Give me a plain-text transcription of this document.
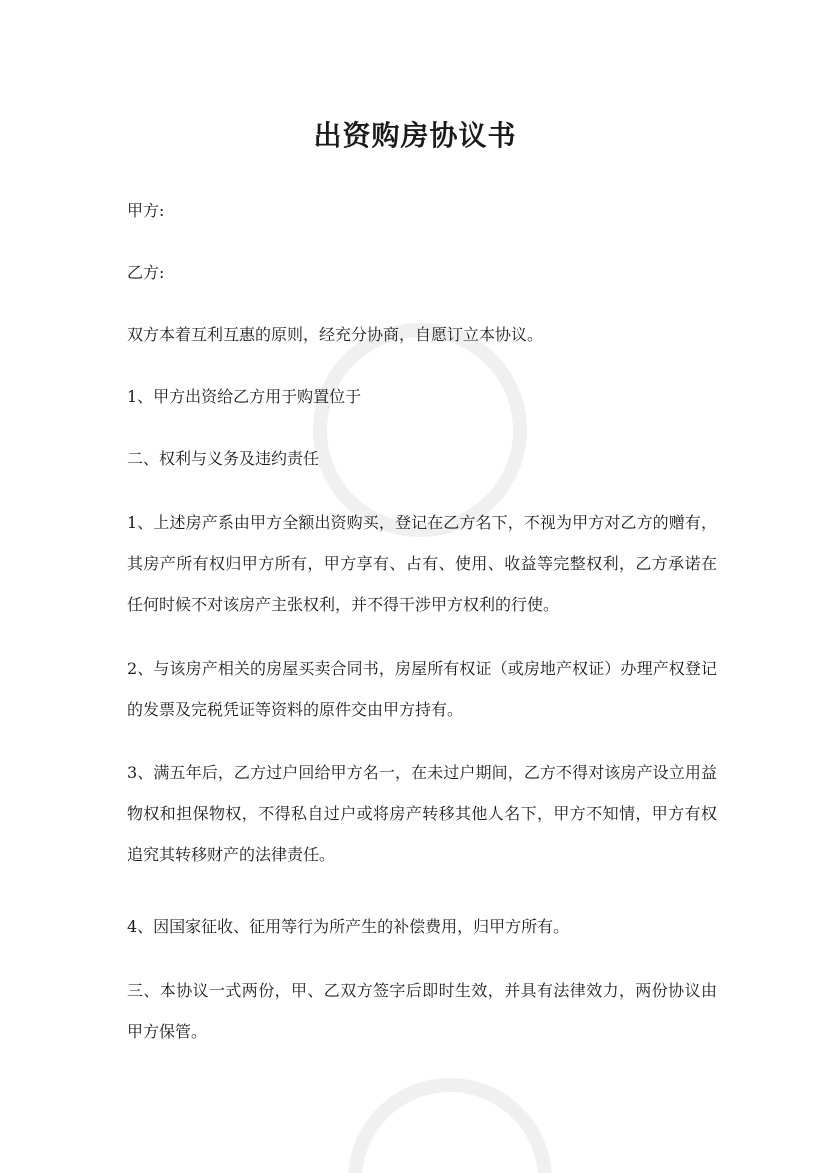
出资购房协议书
甲方:
乙方:
双方本着互利互惠的原则，经充分协商，自愿订立本协议。
1、甲方出资给乙方用于购置位于
二、权利与义务及违约责任
1、上述房产系由甲方全额出资购买，登记在乙方名下，不视为甲方对乙方的赠有，其房产所有权归甲方所有，甲方享有、占有、使用、收益等完整权利，乙方承诺在任何时候不对该房产主张权利，并不得干涉甲方权利的行使。
2、与该房产相关的房屋买卖合同书，房屋所有权证（或房地产权证）办理产权登记的发票及完税凭证等资料的原件交由甲方持有。
3、满五年后，乙方过户回给甲方名一，在未过户期间，乙方不得对该房产设立用益物权和担保物权，不得私自过户或将房产转移其他人名下，甲方不知情，甲方有权追究其转移财产的法律责任。
4、因国家征收、征用等行为所产生的补偿费用，归甲方所有。
三、本协议一式两份，甲、乙双方签字后即时生效，并具有法律效力，两份协议由甲方保管。
